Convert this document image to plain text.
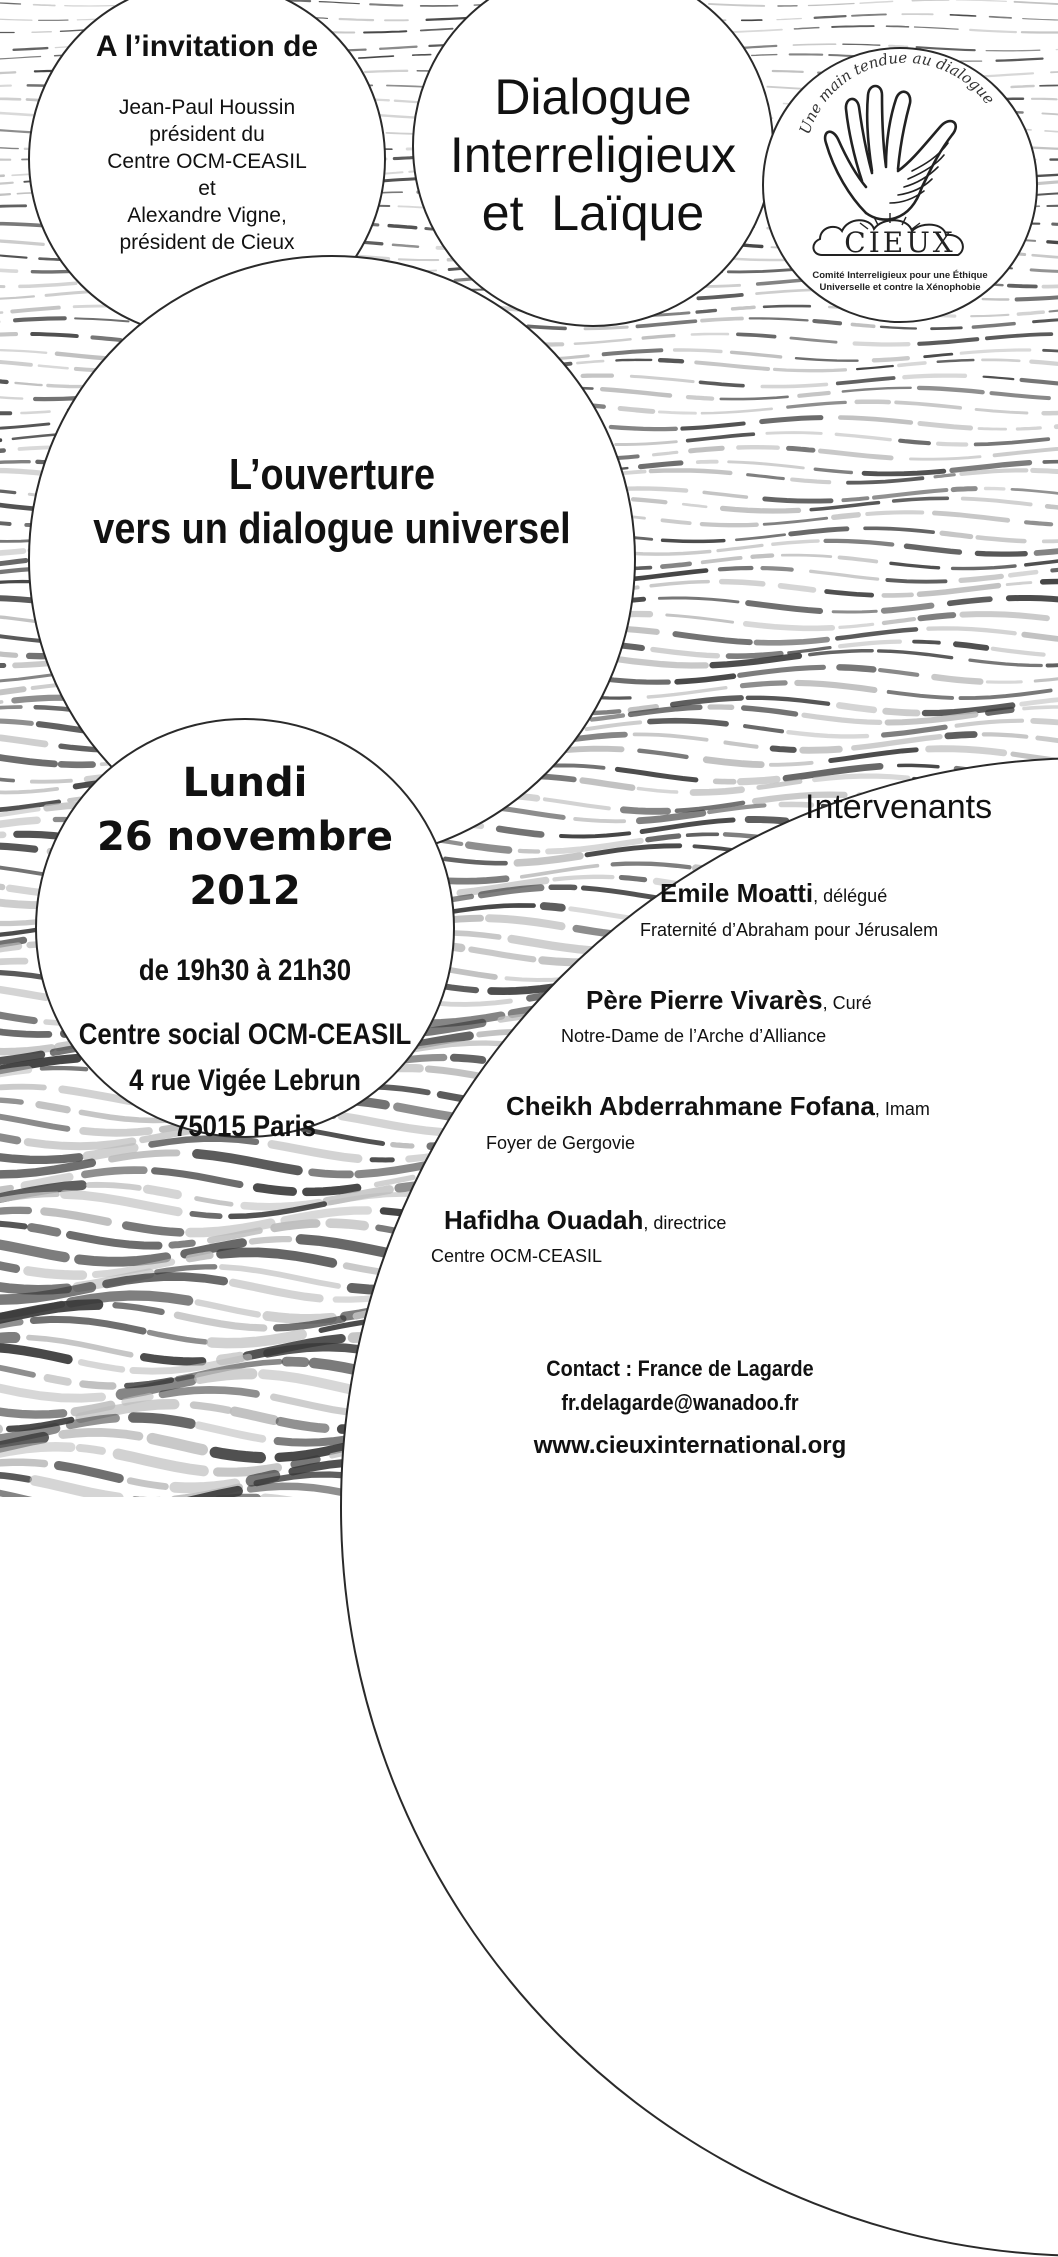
A l’invitation de
Jean-Paul Houssin
président du
Centre OCM-CEASIL
et
Alexandre Vigne,
président de Cieux
Dialogue
Interreligieux
et  Laïque
Une main tendue au dialogue
CIEUX
Comité Interreligieux pour une Éthique
Universelle et contre la Xénophobie
L’ouverture
vers un dialogue universel
Lundi
26 novembre
2012
de 19h30 à 21h30
Centre social OCM-CEASIL
4 rue Vigée Lebrun
75015 Paris
Intervenants
Emile Moatti, délégué
Fraternité d’Abraham pour Jérusalem
Père Pierre Vivarès, Curé
Notre-Dame de l’Arche d’Alliance
Cheikh Abderrahmane Fofana, Imam
Foyer de Gergovie
Hafidha Ouadah, directrice
Centre OCM-CEASIL
Contact : France de Lagarde
fr.delagarde@wanadoo.fr
www.cieuxinternational.org
